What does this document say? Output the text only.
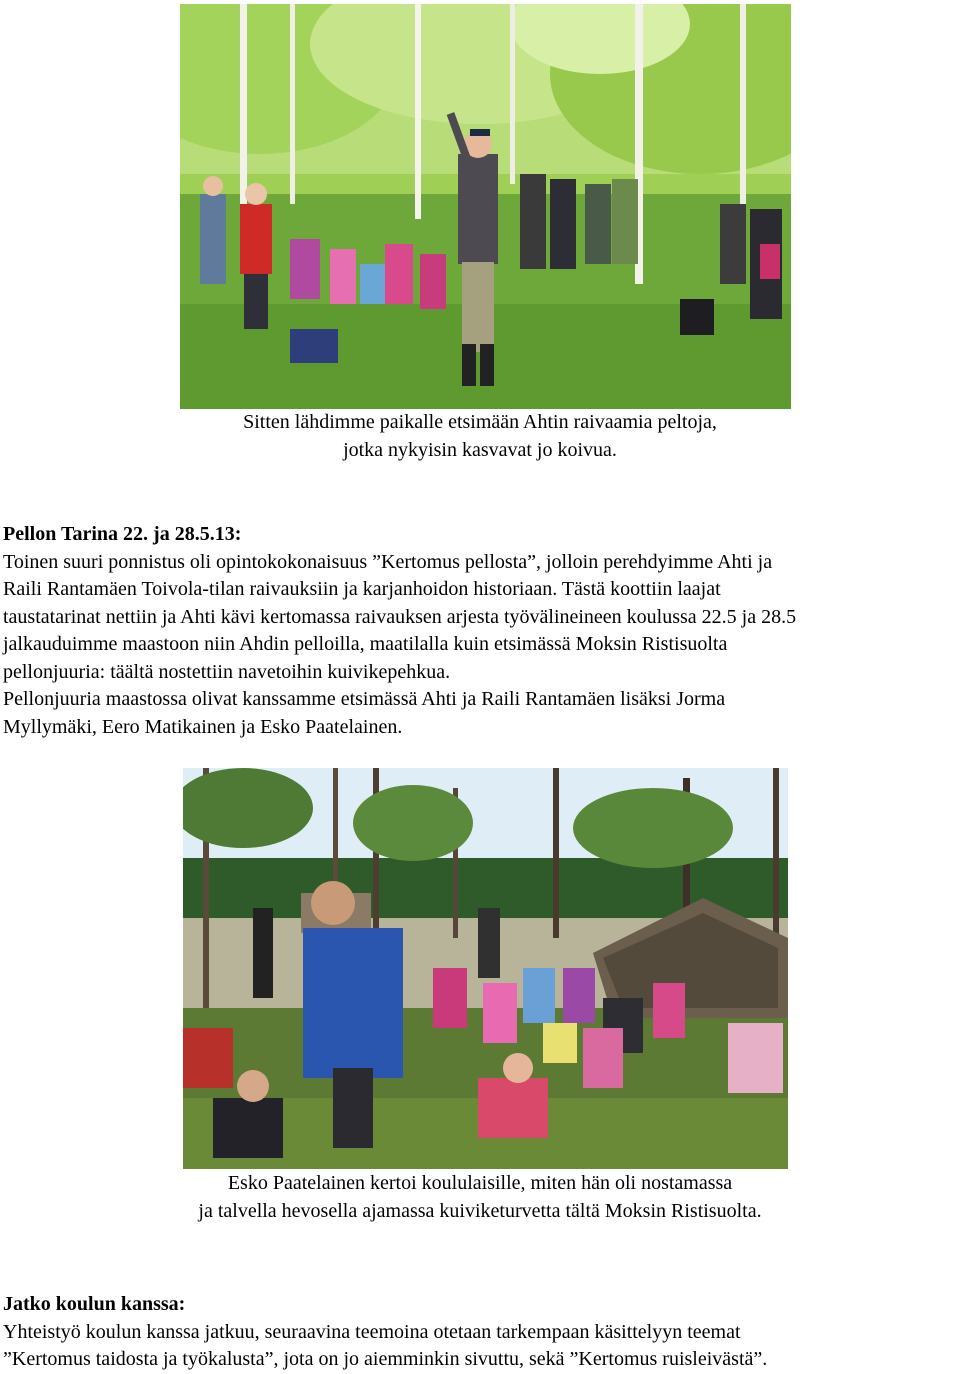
Sitten lähdimme paikalle etsimään Ahtin raivaamia peltoja,
jotka nykyisin kasvavat jo koivua.
Pellon Tarina 22. ja 28.5.13:
Toinen suuri ponnistus oli opintokokonaisuus ”Kertomus pellosta”, jolloin perehdyimme Ahti ja
Raili Rantamäen Toivola-tilan raivauksiin ja karjanhoidon historiaan. Tästä koottiin laajat
taustatarinat nettiin ja Ahti kävi kertomassa raivauksen arjesta työvälineineen koulussa 22.5 ja 28.5
jalkauduimme maastoon niin Ahdin pelloilla, maatilalla kuin etsimässä Moksin Ristisuolta
pellonjuuria: täältä nostettiin navetoihin kuivikepehkua.
Pellonjuuria maastossa olivat kanssamme etsimässä Ahti ja Raili Rantamäen lisäksi Jorma
Myllymäki, Eero Matikainen ja Esko Paatelainen.
Esko Paatelainen kertoi koululaisille, miten hän oli nostamassa
ja talvella hevosella ajamassa kuiviketurvetta tältä Moksin Ristisuolta.
Jatko koulun kanssa:
Yhteistyö koulun kanssa jatkuu, seuraavina teemoina otetaan tarkempaan käsittelyyn teemat
”Kertomus taidosta ja työkalusta”, jota on jo aiemminkin sivuttu, sekä ”Kertomus ruisleivästä”.
